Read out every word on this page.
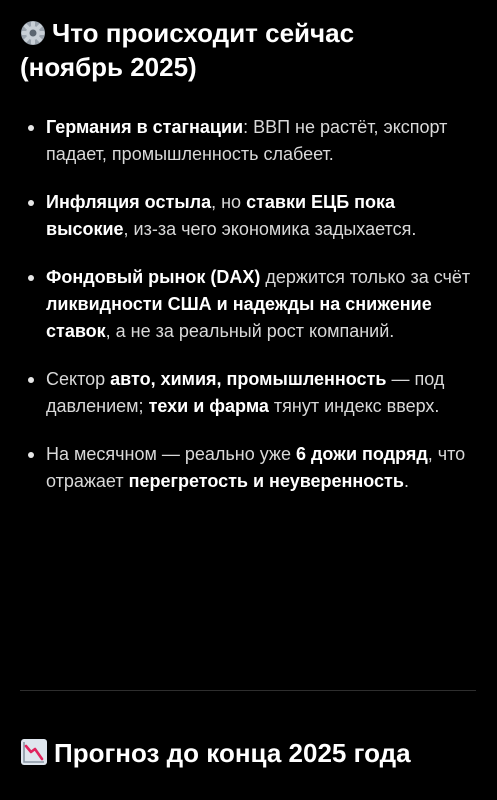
Что происходит сейчас
(ноябрь 2025)
Германия в стагнации: ВВП не растёт, экспорт падает, промышленность слабеет.
Инфляция остыла, но ставки ЕЦБ пока высокие, из-за чего экономика задыхается.
Фондовый рынок (DAX) держится только за счёт ликвидности США и надежды на снижение ставок, а не за реальный рост компаний.
Сектор авто, химия, промышленность — под давлением; техи и фарма тянут индекс вверх.
На месячном — реально уже 6 дожи подряд, что отражает перегретость и неуверенность.
Прогноз до конца 2025 года
